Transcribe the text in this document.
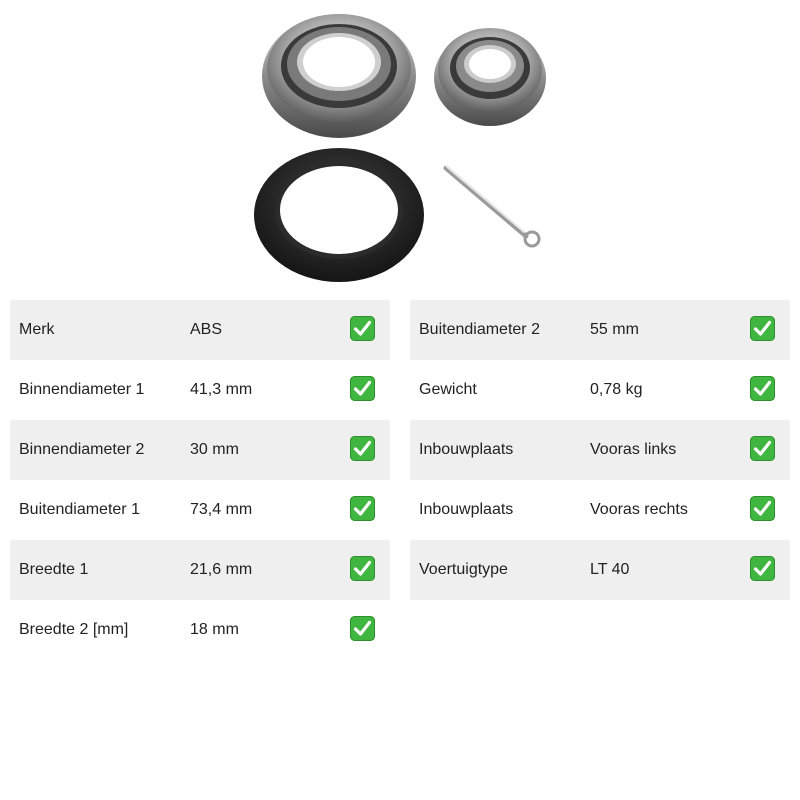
Merk	ABS
Binnendiameter 1	41,3 mm
Binnendiameter 2	30 mm
Buitendiameter 1	73,4 mm
Breedte 1	21,6 mm
Breedte 2 [mm]	18 mm
Buitendiameter 2	55 mm
Gewicht	0,78 kg
Inbouwplaats	Vooras links
Inbouwplaats	Vooras rechts
Voertuigtype	LT 40
